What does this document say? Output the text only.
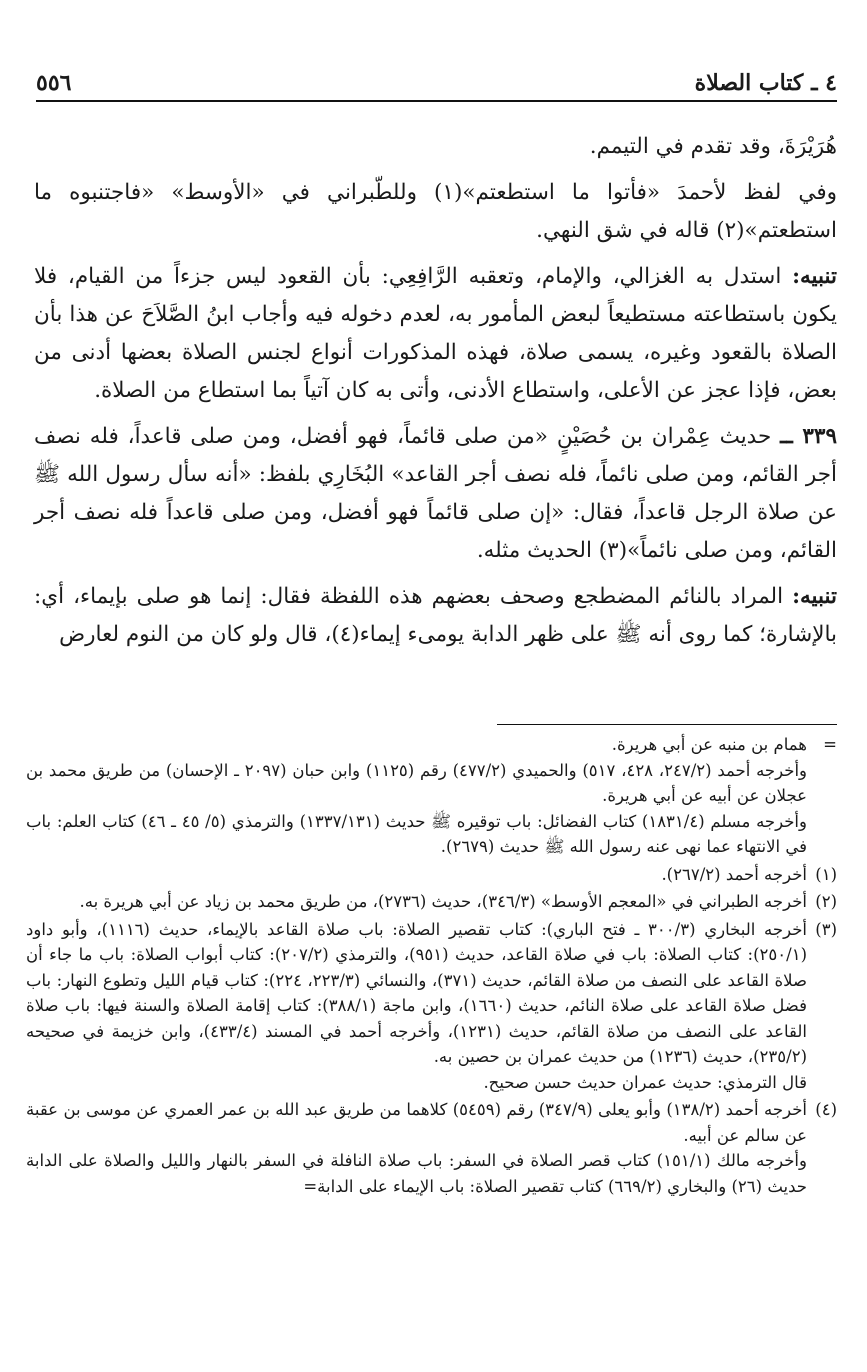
٤ ـ كتاب الصلاة
٥٥٦

هُرَيْرَةَ، وقد تقدم في التيمم.

وفي لفظ لأحمدَ «فأتوا ما استطعتم»(١) وللطّبراني في «الأوسط» «فاجتنبوه ما استطعتم»(٢) قاله في شق النهي.

تنبيه: استدل به الغزالي، والإمام، وتعقبه الرَّافِعِي: بأن القعود ليس جزءاً من القيام، فلا يكون باستطاعته مستطيعاً لبعض المأمور به، لعدم دخوله فيه وأجاب ابنُ الصَّلاَحَ عن هذا بأن الصلاة بالقعود وغيره، يسمى صلاة، فهذه المذكورات أنواع لجنس الصلاة بعضها أدنى من بعض، فإذا عجز عن الأعلى، واستطاع الأدنى، وأتى به كان آتياً بما استطاع من الصلاة.

٣٣٩ ــ حديث عِمْران بن حُصَيْنٍ «من صلى قائماً، فهو أفضل، ومن صلى قاعداً، فله نصف أجر القائم، ومن صلى نائماً، فله نصف أجر القاعد» البُخَارِي بلفظ: «أنه سأل رسول الله ﷺ عن صلاة الرجل قاعداً، فقال: «إن صلى قائماً فهو أفضل، ومن صلى قاعداً فله نصف أجر القائم، ومن صلى نائماً»(٣) الحديث مثله.

تنبيه: المراد بالنائم المضطجع وصحف بعضهم هذه اللفظة فقال: إنما هو صلى بإيماء، أي: بالإشارة؛ كما روى أنه ﷺ على ظهر الدابة يومىء إيماء(٤)، قال ولو كان من النوم لعارض

=
همام بن منبه عن أبي هريرة.
وأخرجه أحمد (٢٤٧/٢، ٤٢٨، ٥١٧) والحميدي (٤٧٧/٢) رقم (١١٢٥) وابن حبان (٢٠٩٧ ـ الإحسان) من طريق محمد بن عجلان عن أبيه عن أبي هريرة.
وأخرجه مسلم (١٨٣١/٤) كتاب الفضائل: باب توقيره ﷺ حديث (١٣٣٧/١٣١) والترمذي (٥/ ٤٥ ـ ٤٦) كتاب العلم: باب في الانتهاء عما نهى عنه رسول الله ﷺ حديث (٢٦٧٩).
(١)
أخرجه أحمد (٢٦٧/٢).
(٢)
أخرجه الطبراني في «المعجم الأوسط» (٣٤٦/٣)، حديث (٢٧٣٦)، من طريق محمد بن زياد عن أبي هريرة به.
(٣)
أخرجه البخاري (٣٠٠/٣ ـ فتح الباري): كتاب تقصير الصلاة: باب صلاة القاعد بالإيماء، حديث (١١١٦)، وأبو داود (٢٥٠/١): كتاب الصلاة: باب في صلاة القاعد، حديث (٩٥١)، والترمذي (٢٠٧/٢): كتاب أبواب الصلاة: باب ما جاء أن صلاة القاعد على النصف من صلاة القائم، حديث (٣٧١)، والنسائي (٢٢٣/٣، ٢٢٤): كتاب قيام الليل وتطوع النهار: باب فضل صلاة القاعد على صلاة النائم، حديث (١٦٦٠)، وابن ماجة (٣٨٨/١): كتاب إقامة الصلاة والسنة فيها: باب صلاة القاعد على النصف من صلاة القائم، حديث (١٢٣١)، وأخرجه أحمد في المسند (٤٣٣/٤)، وابن خزيمة في صحيحه (٢٣٥/٢)، حديث (١٢٣٦) من حديث عمران بن حصين به.
قال الترمذي: حديث عمران حديث حسن صحيح.
(٤)
أخرجه أحمد (١٣٨/٢) وأبو يعلى (٣٤٧/٩) رقم (٥٤٥٩) كلاهما من طريق عبد الله بن عمر العمري عن موسى بن عقبة عن سالم عن أبيه.
وأخرجه مالك (١٥١/١) كتاب قصر الصلاة في السفر: باب صلاة النافلة في السفر بالنهار والليل والصلاة على الدابة حديث (٢٦) والبخاري (٦٦٩/٢) كتاب تقصير الصلاة: باب الإيماء على الدابة=
